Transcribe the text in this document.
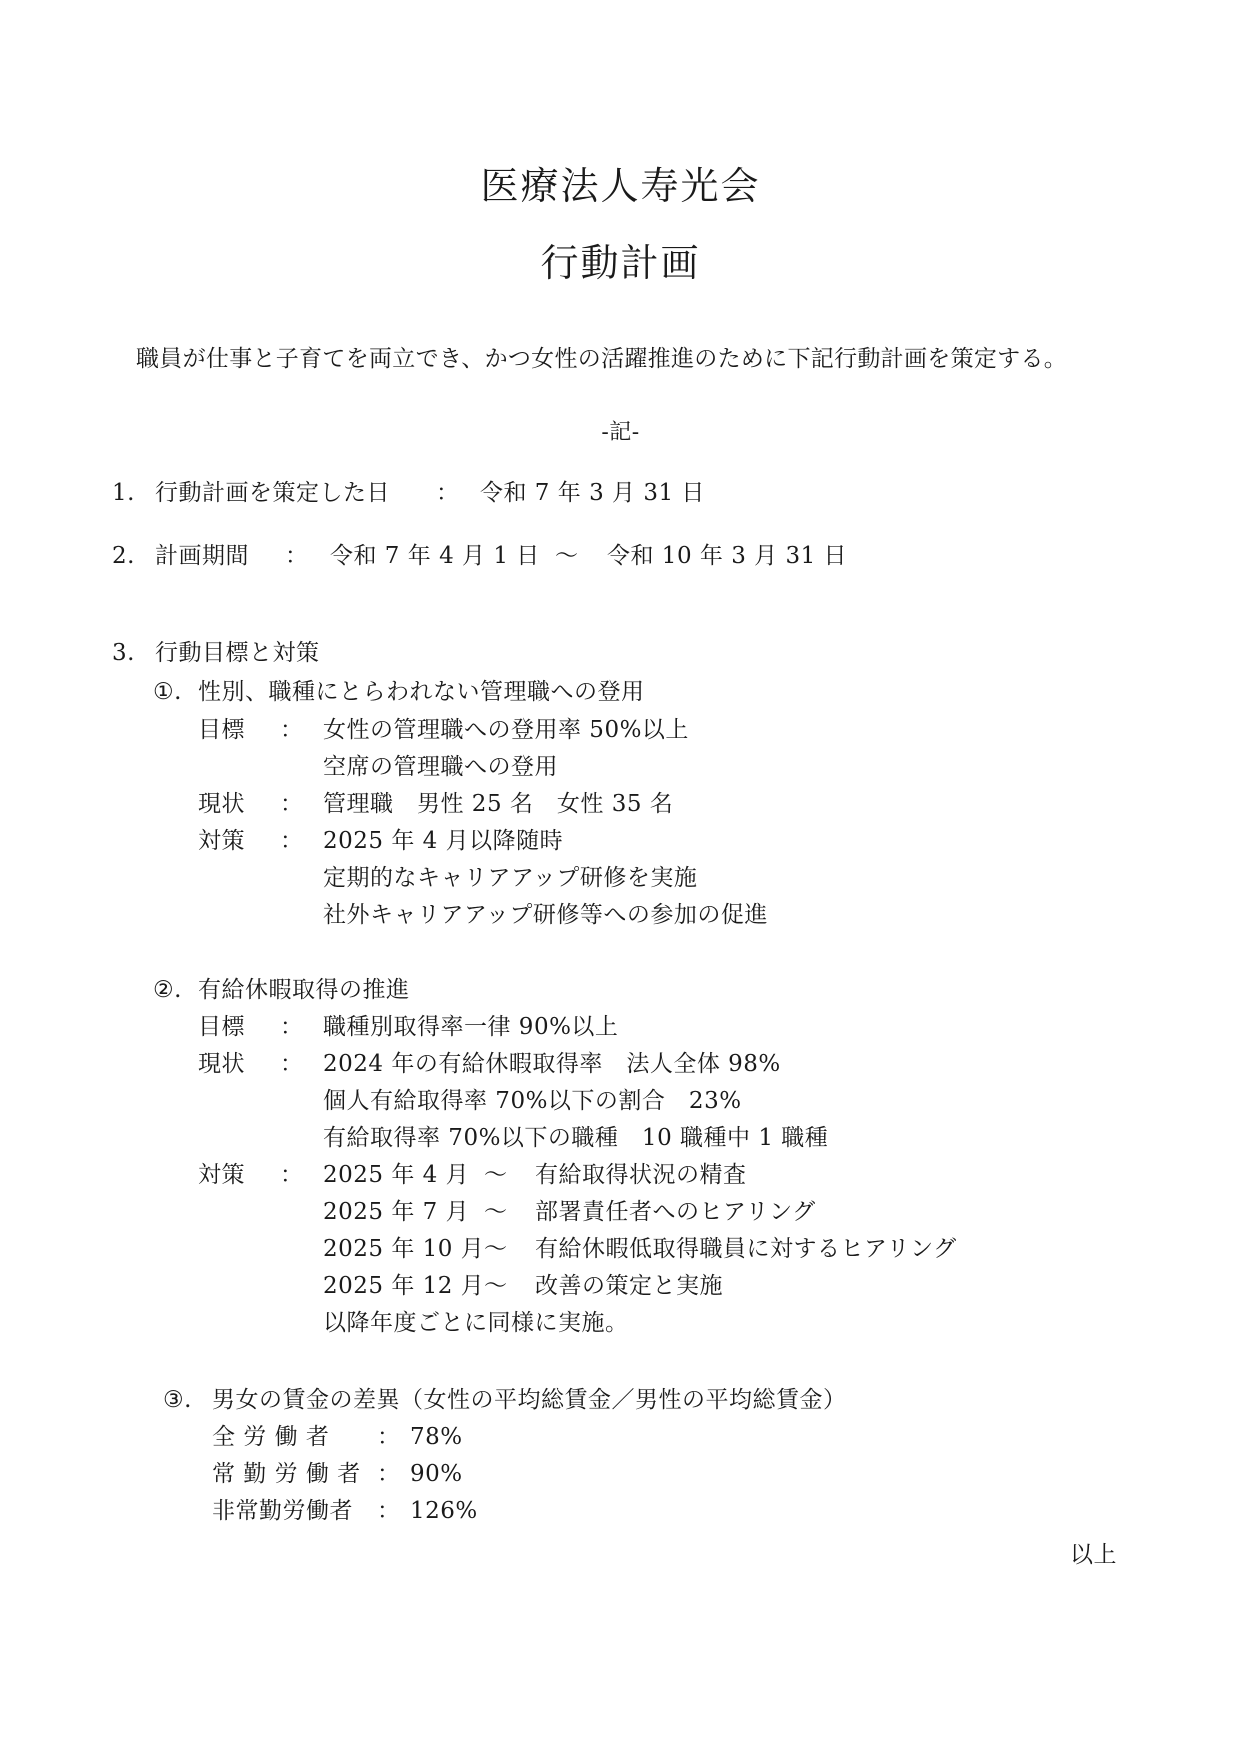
医療法人寿光会
行動計画
職員が仕事と子育てを両立でき、かつ女性の活躍推進のために下記行動計画を策定する。
-記-
1. 行動計画を策定した日 ： 令和 7 年 3 月 31 日
2. 計画期間 ： 令和 7 年 4 月 1 日 ～ 令和 10 年 3 月 31 日
3. 行動目標と対策
①. 性別、職種にとらわれない管理職への登用
目標 ： 女性の管理職への登用率 50%以上
空席の管理職への登用
現状 ： 管理職　男性 25 名　女性 35 名
対策 ： 2025 年 4 月以降随時
定期的なキャリアアップ研修を実施
社外キャリアアップ研修等への参加の促進
②. 有給休暇取得の推進
目標 ： 職種別取得率一律 90%以上
現状 ： 2024 年の有給休暇取得率　法人全体 98%
個人有給取得率 70%以下の割合　23%
有給取得率 70%以下の職種　10 職種中 1 職種
対策 ： 2025 年 4 月 ～ 有給取得状況の精査
2025 年 7 月 ～ 部署責任者へのヒアリング
2025 年 10 月 ～ 有給休暇低取得職員に対するヒアリング
2025 年 12 月 ～ 改善の策定と実施
以降年度ごとに同様に実施。
③. 男女の賃金の差異（女性の平均総賃金／男性の平均総賃金）
全 労 働 者 ： 78%
常 勤 労 働 者 ： 90%
非常勤労働者 ： 126%
以上
